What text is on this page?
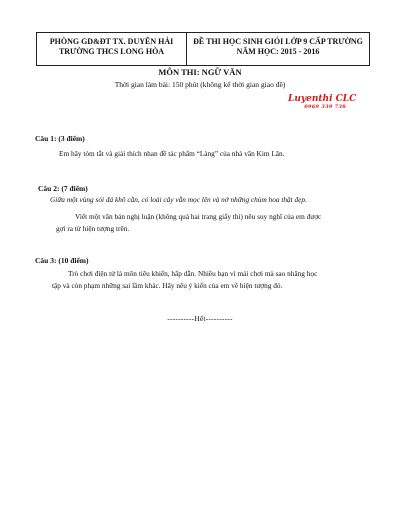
PHÒNG GD&ĐT TX. DUYÊN HẢI
TRƯỜNG THCS LONG HÒA
ĐỀ THI HỌC SINH GIỎI LỚP 9 CẤP TRƯỜNG
NĂM HỌC: 2015 - 2016
MÔN THI: NGỮ VĂN
Thời gian làm bài: 150 phút (không kể thời gian giao đề)
Luyenthi CLC
0969 339 738
Câu 1: (3 điểm)
Em hãy tóm tắt và giải thích nhan đề tác phẩm “Làng” của nhà văn Kim Lân.
Câu 2: (7 điểm)
Giữa một vùng sỏi đá khô cằn, có loài cây vẫn mọc lên và nở những chùm hoa thật đẹp.
Viết một văn bản nghị luận (không quá hai trang giấy thi) nêu suy nghĩ của em được
gợi ra từ hiện tượng trên.
Câu 3: (10 điểm)
Trò chơi điện tử là môn tiêu khiển, hấp dẫn. Nhiều bạn vì mải chơi mà sao nhãng học
tập và còn phạm những sai lầm khác. Hãy nêu ý kiến của em về hiện tượng đó.
----------Hết----------
